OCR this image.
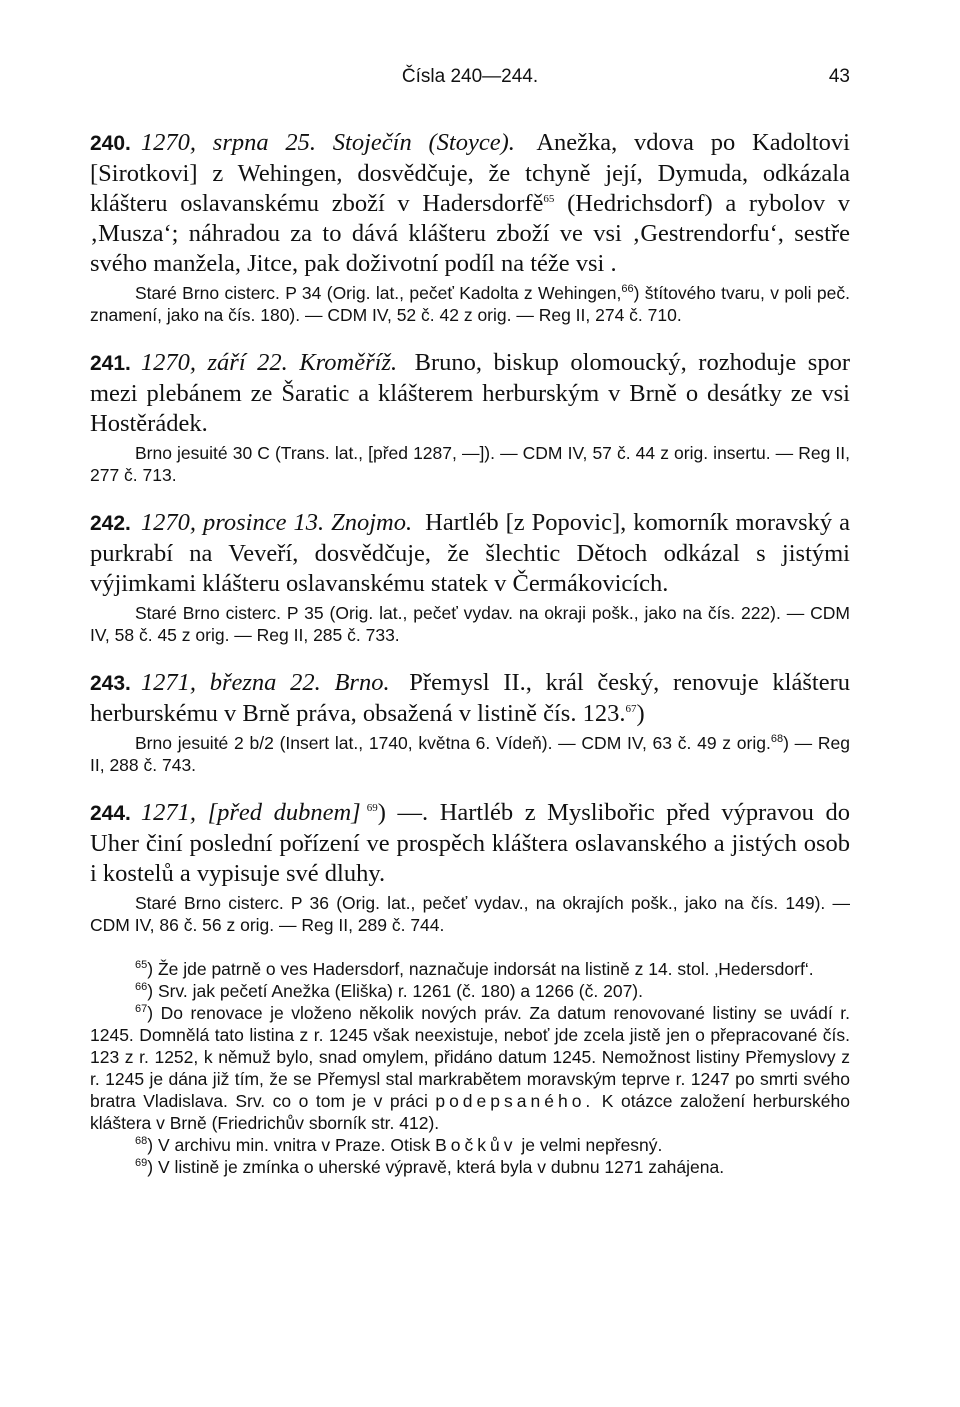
Čísla 240—244.	43

240. 1270, srpna 25. Stoječín (Stoyce). Anežka, vdova po Kadoltovi [Sirotkovi] z Wehingen, dosvědčuje, že tchyně její, Dymuda, odkázala klášteru oslavanskému zboží v Hadersdorfě$^{65}$ (Hedrichsdorf) a rybolov v ‚Musza‘; náhradou za to dává klášteru zboží ve vsi ‚Gestrendorfu‘, sestře svého manžela, Jitce, pak doživotní podíl na téže vsi .

Staré Brno cisterc. P 34 (Orig. lat., pečeť Kadolta z Wehingen,$^{66}$) štítového tvaru, v poli peč. znamení, jako na čís. 180). — CDM IV, 52 č. 42 z orig. — Reg II, 274 č. 710.

241. 1270, září 22. Kroměříž. Bruno, biskup olomoucký, rozhoduje spor mezi plebánem ze Šaratic a klášterem herburským v Brně o desátky ze vsi Hostěrádek.

Brno jesuité 30 C (Trans. lat., [před 1287, —]). — CDM IV, 57 č. 44 z orig. insertu. — Reg II, 277 č. 713.

242. 1270, prosince 13. Znojmo. Hartléb [z Popovic], komorník moravský a purkrabí na Veveří, dosvědčuje, že šlechtic Dětoch odkázal s jistými výjimkami klášteru oslavanskému statek v Čermákovicích.

Staré Brno cisterc. P 35 (Orig. lat., pečeť vydav. na okraji pošk., jako na čís. 222). — CDM IV, 58 č. 45 z orig. — Reg II, 285 č. 733.

243. 1271, března 22. Brno. Přemysl II., král český, renovuje klášteru herburskému v Brně práva, obsažená v listině čís. 123.67)

Brno jesuité 2 b/2 (Insert lat., 1740, května 6. Vídeň). — CDM IV, 63 č. 49 z orig.$^{68}$) — Reg II, 288 č. 743.

244. 1271, [před dubnem] $^{69}$) —. Hartléb z Myslibořic před výpravou do Uher činí poslední pořízení ve prospěch kláštera oslavanského a jistých osob i kostelů a vypisuje své dluhy.

Staré Brno cisterc. P 36 (Orig. lat., pečeť vydav., na okrajích pošk., jako na čís. 149). — CDM IV, 86 č. 56 z orig. — Reg II, 289 č. 744.

$^{65}$) Že jde patrně o ves Hadersdorf, naznačuje indorsát na listině z 14. stol. ‚Hedersdorf‘.

$^{66}$) Srv. jak pečetí Anežka (Eliška) r. 1261 (č. 180) a 1266 (č. 207).

$^{67}$) Do renovace je vloženo několik nových práv. Za datum renovované listiny se uvádí r. 1245. Domnělá tato listina z r. 1245 však neexistuje, neboť jde zcela jistě jen o přepracované čís. 123 z r. 1252, k němuž bylo, snad omylem, přidáno datum 1245. Nemožnost listiny Přemyslovy z r. 1245 je dána již tím, že se Přemysl stal markrabětem moravským teprve r. 1247 po smrti svého bratra Vladislava. Srv. co o tom je v práci podepsaného. K otázce založení herburského kláštera v Brně (Friedrichův sborník str. 412).

$^{68}$) V archivu min. vnitra v Praze. Otisk Bočkův je velmi nepřesný.

$^{69}$) V listině je zmínka o uherské výpravě, která byla v dubnu 1271 zahájena.
